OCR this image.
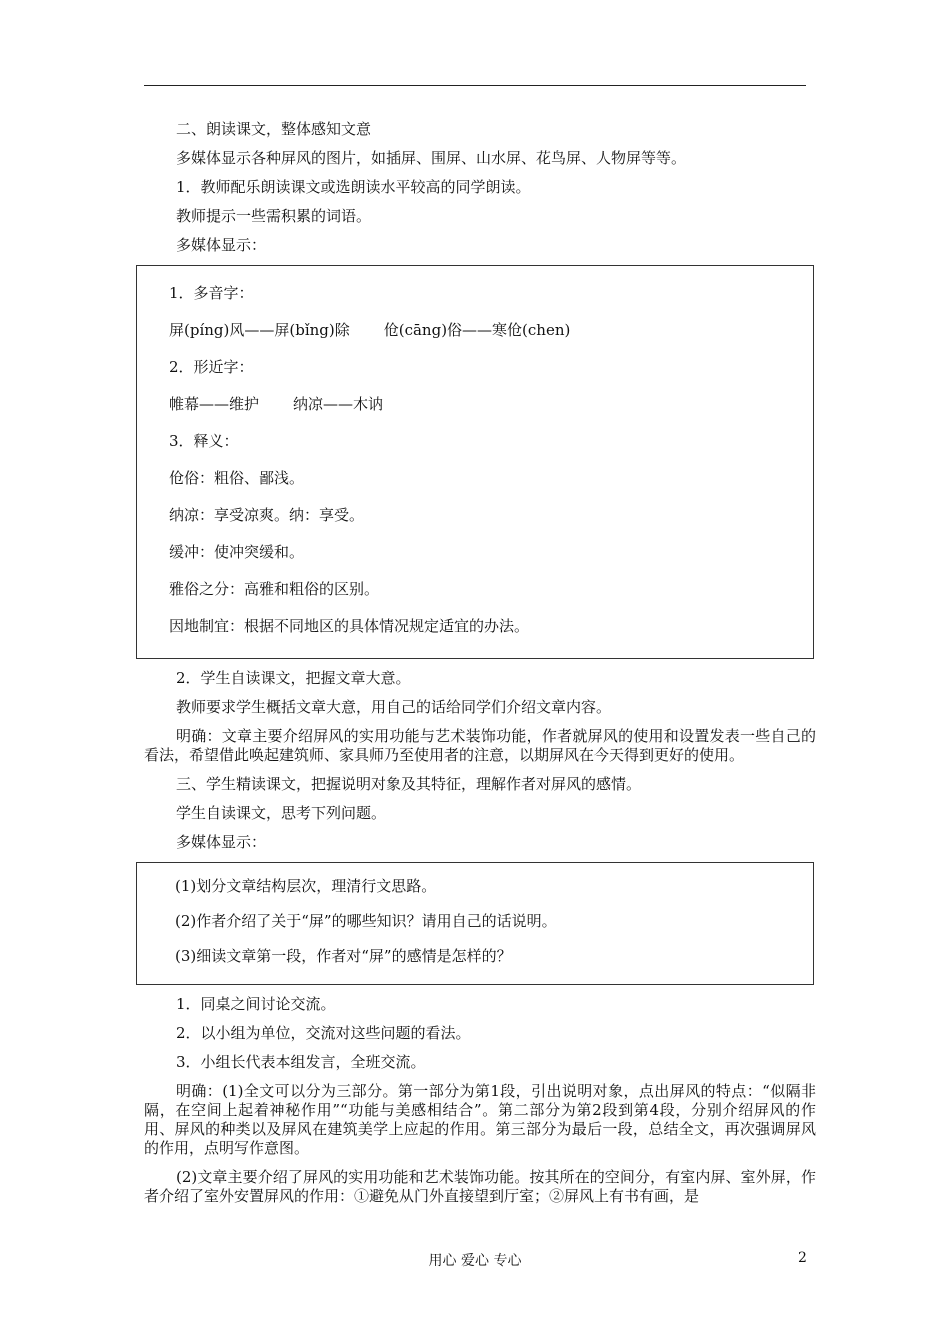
二、朗读课文，整体感知文意

多媒体显示各种屏风的图片，如插屏、围屏、山水屏、花鸟屏、人物屏等等。

1．教师配乐朗读课文或选朗读水平较高的同学朗读。

教师提示一些需积累的词语。

多媒体显示：

1．多音字：
屏(píng)风——屏(bǐng)除 伧(cāng)俗——寒伧(chen)
2．形近字：
帷幕——维护 纳凉——木讷
3．释义：
伧俗：粗俗、鄙浅。
纳凉：享受凉爽。纳：享受。
缓冲：使冲突缓和。
雅俗之分：高雅和粗俗的区别。
因地制宜：根据不同地区的具体情况规定适宜的办法。

2．学生自读课文，把握文章大意。

教师要求学生概括文章大意，用自己的话给同学们介绍文章内容。

明确：文章主要介绍屏风的实用功能与艺术装饰功能，作者就屏风的使用和设置发表一些自己的看法，希望借此唤起建筑师、家具师乃至使用者的注意，以期屏风在今天得到更好的使用。

三、学生精读课文，把握说明对象及其特征，理解作者对屏风的感情。

学生自读课文，思考下列问题。

多媒体显示：

(1)划分文章结构层次，理清行文思路。
(2)作者介绍了关于“屏”的哪些知识？请用自己的话说明。
(3)细读文章第一段，作者对“屏”的感情是怎样的？

1．同桌之间讨论交流。

2．以小组为单位，交流对这些问题的看法。

3．小组长代表本组发言，全班交流。

明确：(1)全文可以分为三部分。第一部分为第1段，引出说明对象，点出屏风的特点：“似隔非隔，在空间上起着神秘作用”“功能与美感相结合”。第二部分为第2段到第4段，分别介绍屏风的作用、屏风的种类以及屏风在建筑美学上应起的作用。第三部分为最后一段，总结全文，再次强调屏风的作用，点明写作意图。

(2)文章主要介绍了屏风的实用功能和艺术装饰功能。按其所在的空间分，有室内屏、室外屏，作者介绍了室外安置屏风的作用：①避免从门外直接望到厅室；②屏风上有书有画，是

用心 爱心 专心	2
